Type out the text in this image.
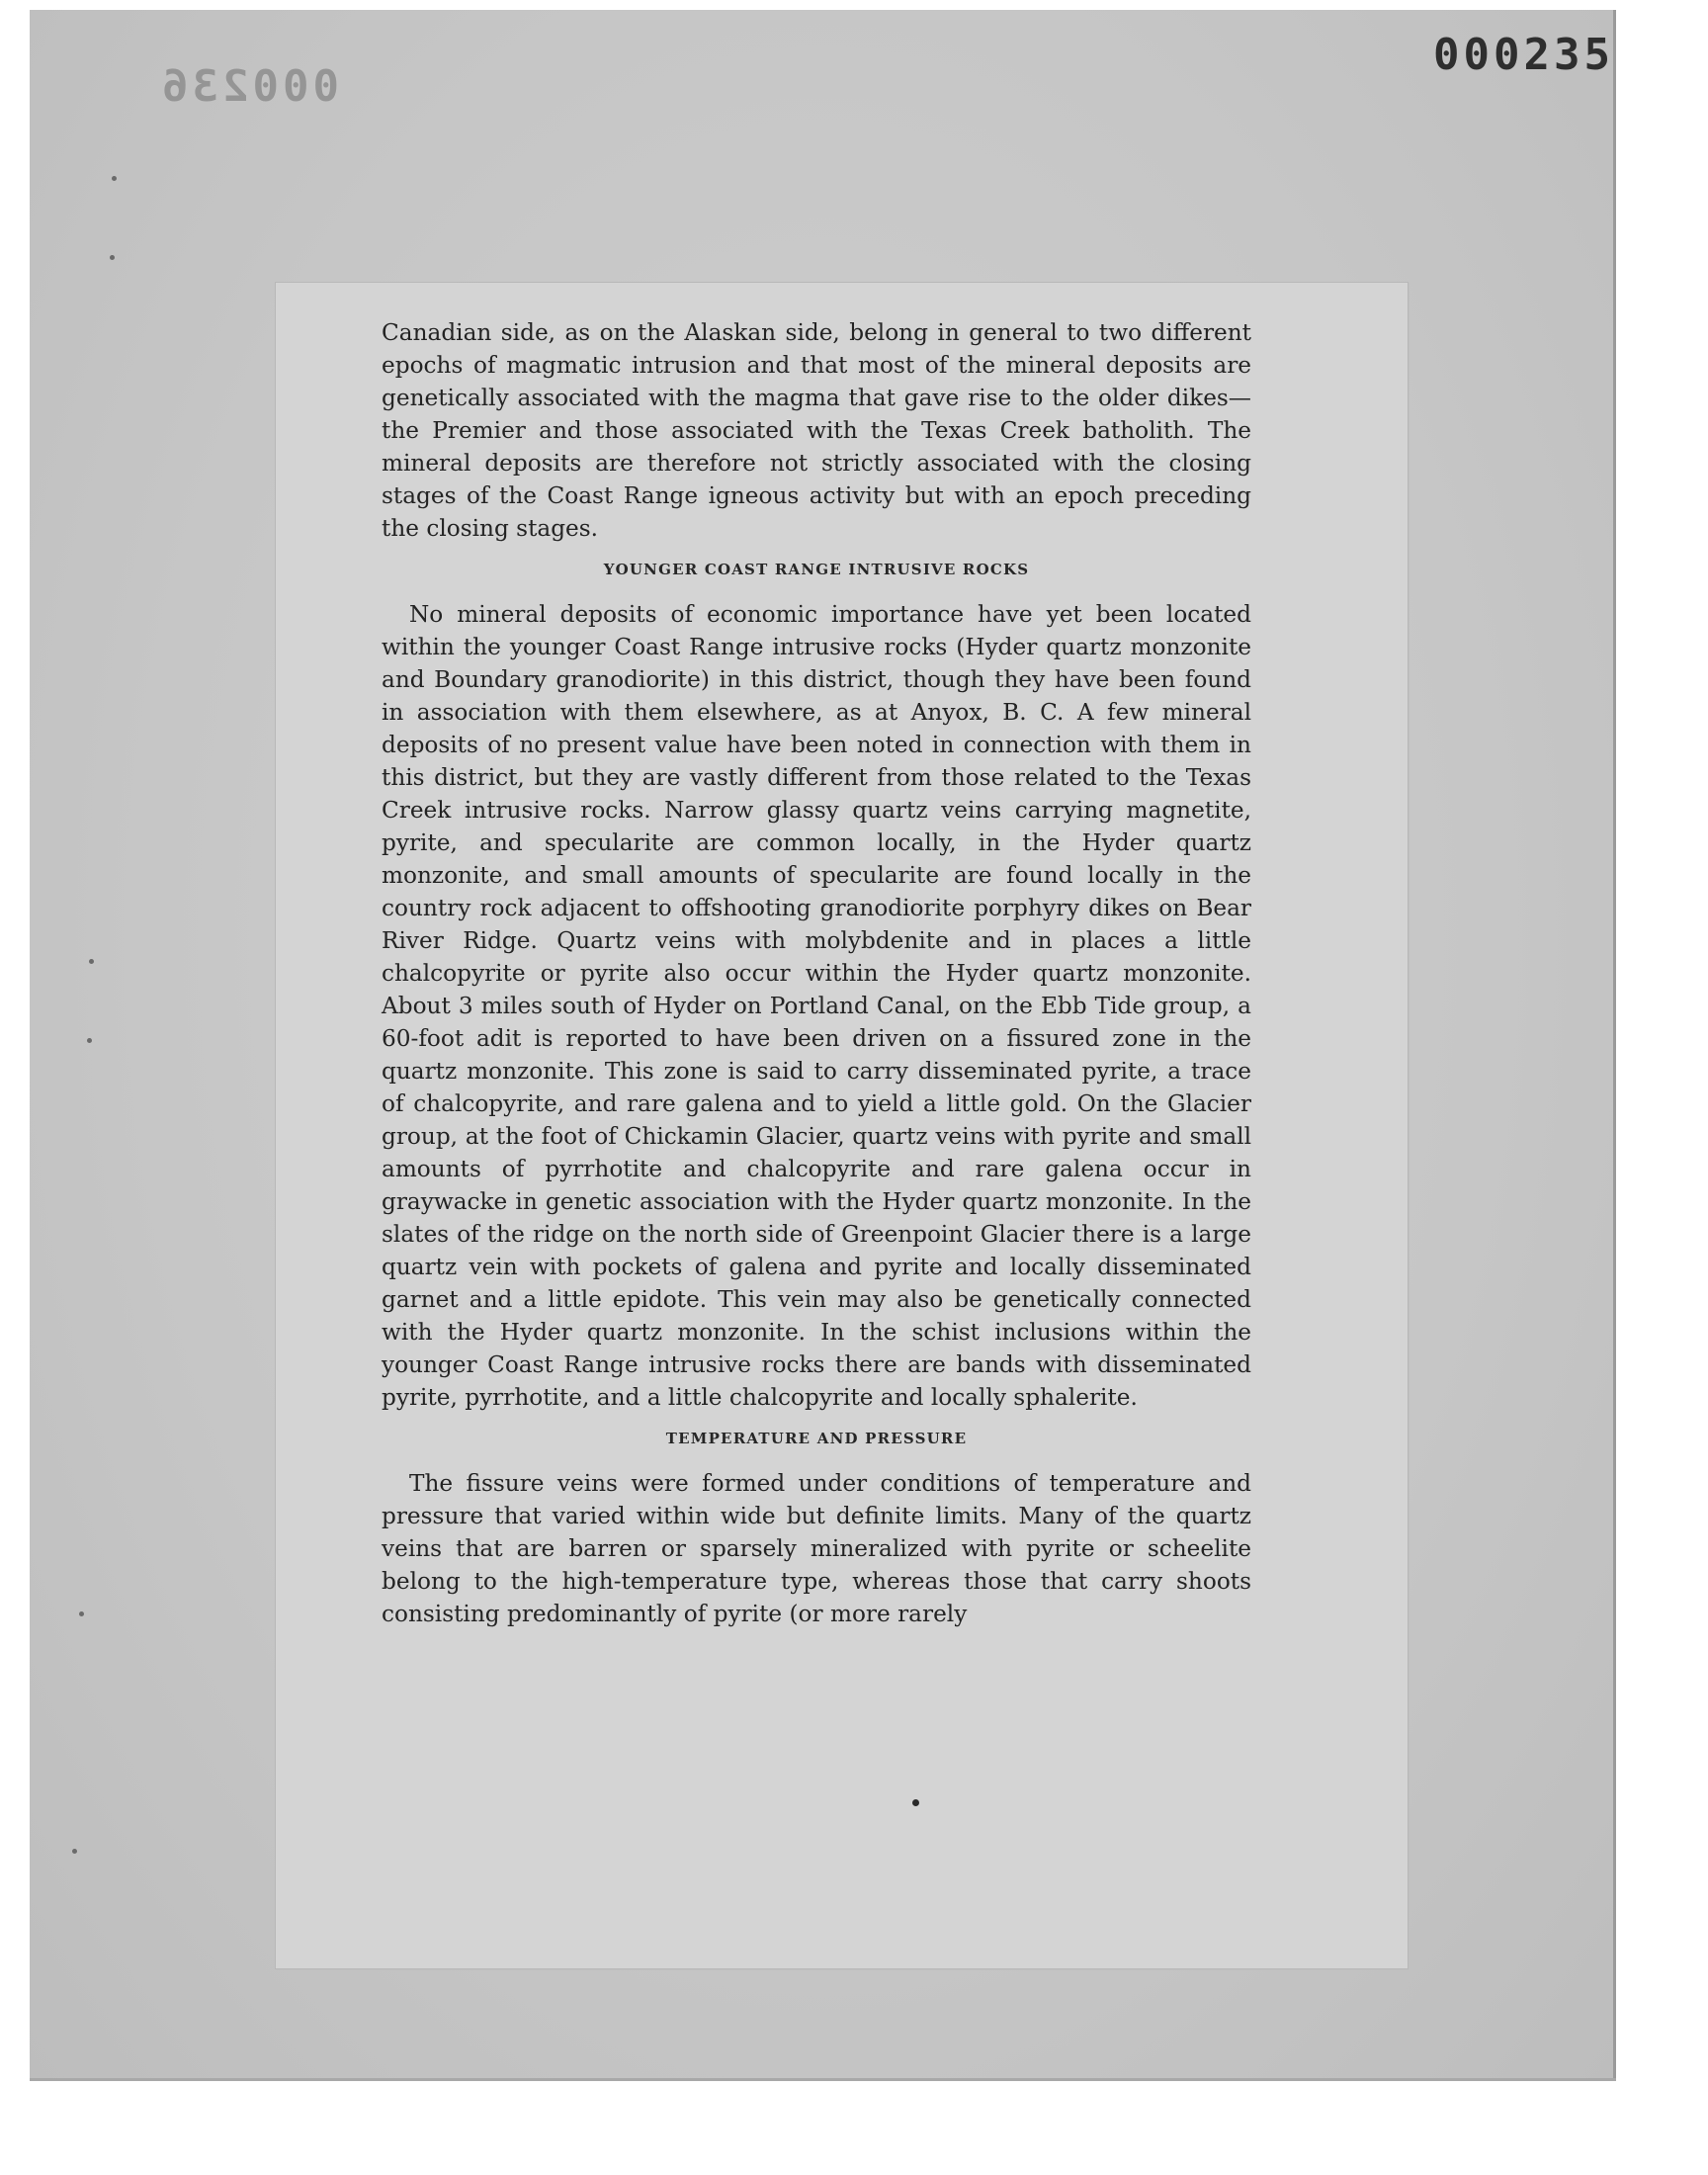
000235
000236

Canadian side, as on the Alaskan side, belong in general to two different epochs of magmatic intrusion and that most of the mineral deposits are genetically associated with the magma that gave rise to the older dikes—the Premier and those associated with the Texas Creek batholith. The mineral deposits are therefore not strictly associated with the closing stages of the Coast Range igneous activity but with an epoch preceding the closing stages.

YOUNGER COAST RANGE INTRUSIVE ROCKS

No mineral deposits of economic importance have yet been located within the younger Coast Range intrusive rocks (Hyder quartz monzonite and Boundary granodiorite) in this district, though they have been found in association with them elsewhere, as at Anyox, B. C. A few mineral deposits of no present value have been noted in connection with them in this district, but they are vastly different from those related to the Texas Creek intrusive rocks. Narrow glassy quartz veins carrying magnetite, pyrite, and specularite are common locally, in the Hyder quartz monzonite, and small amounts of specularite are found locally in the country rock adjacent to offshooting granodiorite porphyry dikes on Bear River Ridge. Quartz veins with molybdenite and in places a little chalcopyrite or pyrite also occur within the Hyder quartz monzonite. About 3 miles south of Hyder on Portland Canal, on the Ebb Tide group, a 60-foot adit is reported to have been driven on a fissured zone in the quartz monzonite. This zone is said to carry disseminated pyrite, a trace of chalcopyrite, and rare galena and to yield a little gold. On the Glacier group, at the foot of Chickamin Glacier, quartz veins with pyrite and small amounts of pyrrhotite and chalcopyrite and rare galena occur in graywacke in genetic association with the Hyder quartz monzonite. In the slates of the ridge on the north side of Greenpoint Glacier there is a large quartz vein with pockets of galena and pyrite and locally disseminated garnet and a little epidote. This vein may also be genetically connected with the Hyder quartz monzonite. In the schist inclusions within the younger Coast Range intrusive rocks there are bands with disseminated pyrite, pyrrhotite, and a little chalcopyrite and locally sphalerite.

TEMPERATURE AND PRESSURE

The fissure veins were formed under conditions of temperature and pressure that varied within wide but definite limits. Many of the quartz veins that are barren or sparsely mineralized with pyrite or scheelite belong to the high-temperature type, whereas those that carry shoots consisting predominantly of pyrite (or more rarely
